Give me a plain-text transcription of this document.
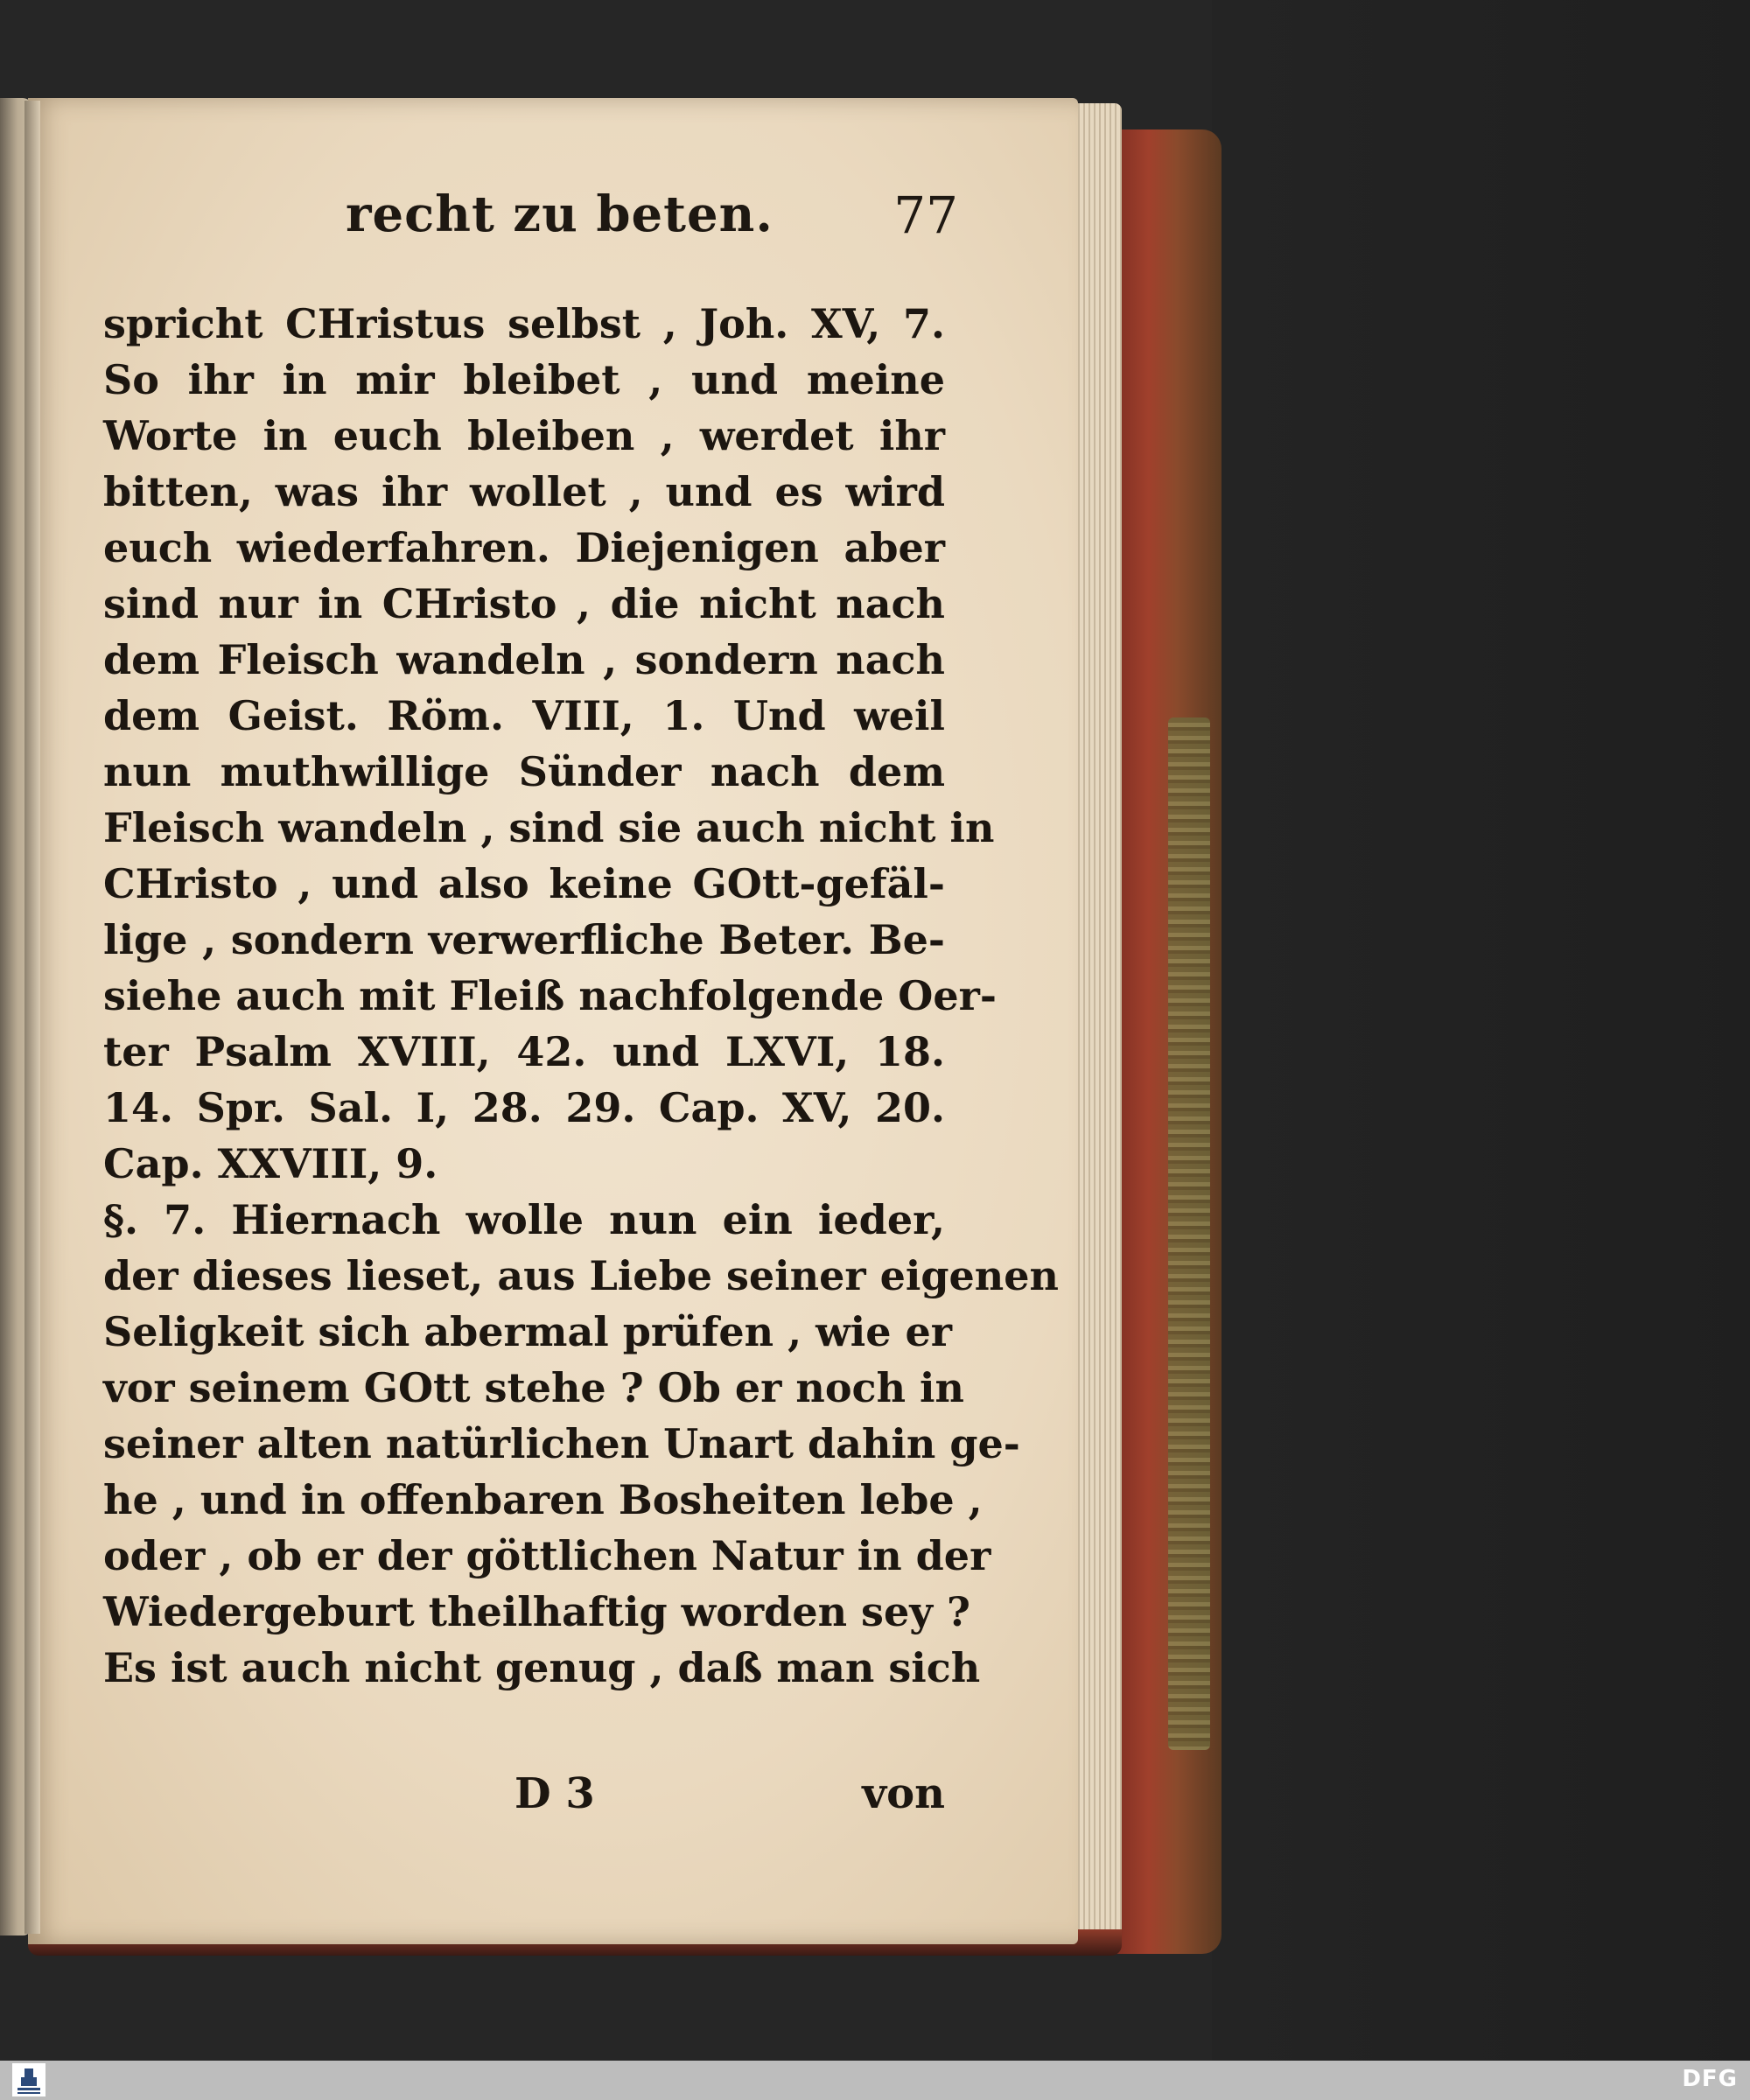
recht zu beten.	77
spricht CHristus selbst , Joh. XV, 7.
So ihr in mir bleibet , und meine
Worte in euch bleiben , werdet ihr
bitten, was ihr wollet , und es wird
euch wiederfahren. Diejenigen aber
sind nur in CHristo , die nicht nach
dem Fleisch wandeln , sondern nach
dem Geist. Röm. VIII, 1. Und weil
nun muthwillige Sünder nach dem
Fleisch wandeln , sind sie auch nicht in
CHristo , und also keine GOtt-gefäl-
lige , sondern verwerfliche Beter. Be-
siehe auch mit Fleiß nachfolgende Oer-
ter Psalm XVIII, 42. und LXVI, 18.
14. Spr. Sal. I, 28. 29. Cap. XV, 20.
Cap. XXVIII, 9.
§. 7. Hiernach wolle nun ein ieder,
der dieses lieset, aus Liebe seiner eigenen
Seligkeit sich abermal prüfen , wie er
vor seinem GOtt stehe ? Ob er noch in
seiner alten natürlichen Unart dahin ge-
he , und in offenbaren Bosheiten lebe ,
oder , ob er der göttlichen Natur in der
Wiedergeburt theilhaftig worden sey ?
Es ist auch nicht genug , daß man sich
D 3	von
DFG
